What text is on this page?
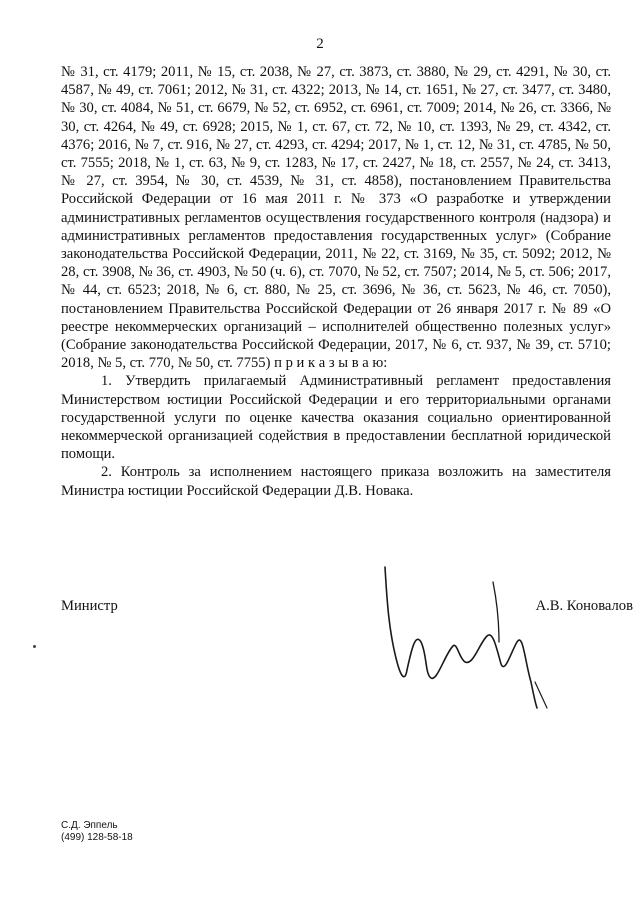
2

№ 31, ст. 4179; 2011, № 15, ст. 2038, № 27, ст. 3873, ст. 3880, № 29, ст. 4291, № 30, ст. 4587, № 49, ст. 7061; 2012, № 31, ст. 4322; 2013, № 14, ст. 1651, № 27, ст. 3477, ст. 3480, № 30, ст. 4084, № 51, ст. 6679, № 52, ст. 6952, ст. 6961, ст. 7009; 2014, № 26, ст. 3366, № 30, ст. 4264, № 49, ст. 6928; 2015, № 1, ст. 67, ст. 72, № 10, ст. 1393, № 29, ст. 4342, ст. 4376; 2016, № 7, ст. 916, № 27, ст. 4293, ст. 4294; 2017, № 1, ст. 12, № 31, ст. 4785, № 50, ст. 7555; 2018, № 1, ст. 63, № 9, ст. 1283, № 17, ст. 2427, № 18, ст. 2557, № 24, ст. 3413, № 27, ст. 3954, № 30, ст. 4539, № 31, ст. 4858), постановлением Правительства Российской Федерации от 16 мая 2011 г. № 373 «О разработке и утверждении административных регламентов осуществления государственного контроля (надзора) и административных регламентов предоставления государственных услуг» (Собрание законодательства Российской Федерации, 2011, № 22, ст. 3169, № 35, ст. 5092; 2012, № 28, ст. 3908, № 36, ст. 4903, № 50 (ч. 6), ст. 7070, № 52, ст. 7507; 2014, № 5, ст. 506; 2017, № 44, ст. 6523; 2018, № 6, ст. 880, № 25, ст. 3696, № 36, ст. 5623, № 46, ст. 7050), постановлением Правительства Российской Федерации от 26 января 2017 г. № 89 «О реестре некоммерческих организаций – исполнителей общественно полезных услуг» (Собрание законодательства Российской Федерации, 2017, № 6, ст. 937, № 39, ст. 5710; 2018, № 5, ст. 770, № 50, ст. 7755) п р и к а з ы в а ю:

1. Утвердить прилагаемый Административный регламент предоставления Министерством юстиции Российской Федерации и его территориальными органами государственной услуги по оценке качества оказания социально ориентированной некоммерческой организацией содействия в предоставлении бесплатной юридической помощи.

2. Контроль за исполнением настоящего приказа возложить на заместителя Министра юстиции Российской Федерации Д.В. Новака.

Министр	А.В. Коновалов
С.Д. Эппель
(499) 128-58-18
